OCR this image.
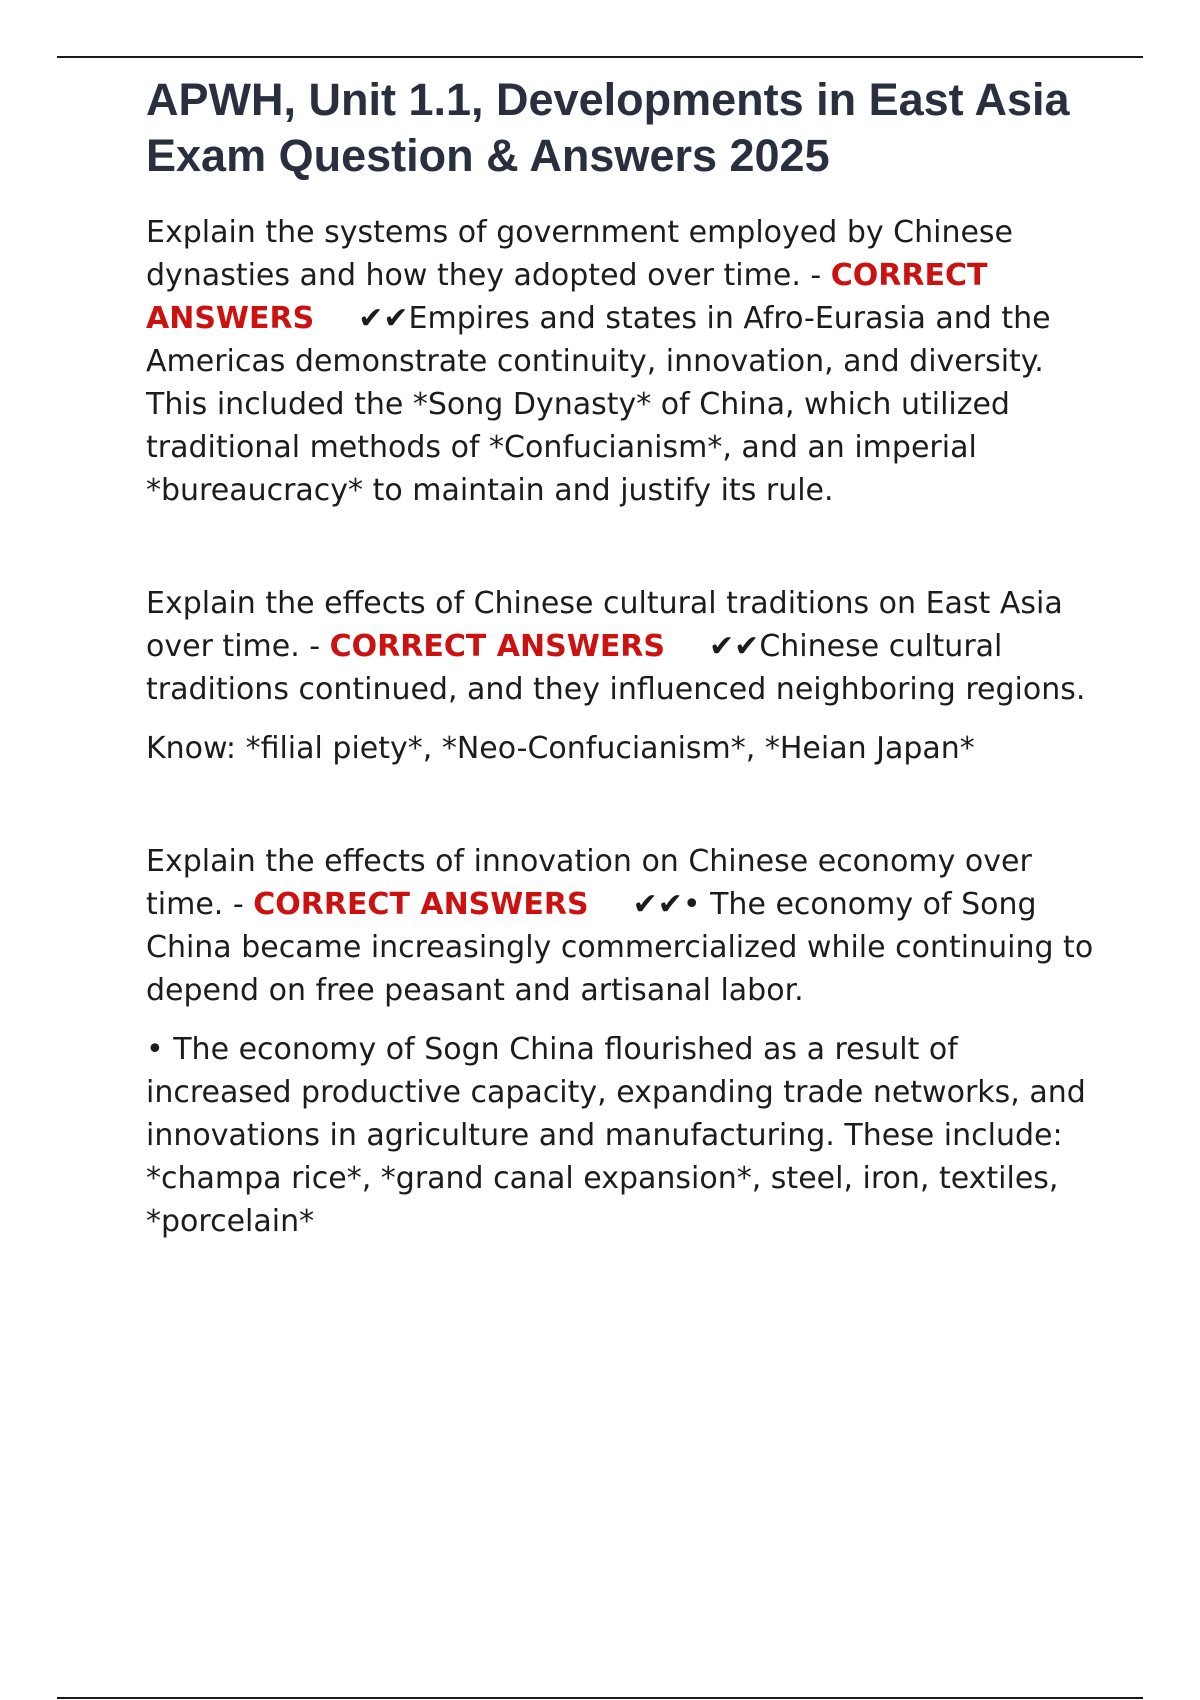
APWH, Unit 1.1, Developments in East Asia Exam Question & Answers 2025

Explain the systems of government employed by Chinese dynasties and how they adopted over time. - CORRECT ANSWERS ✔✔Empires and states in Afro-Eurasia and the Americas demonstrate continuity, innovation, and diversity. This included the *Song Dynasty* of China, which utilized traditional methods of *Confucianism*, and an imperial *bureaucracy* to maintain and justify its rule.

Explain the effects of Chinese cultural traditions on East Asia over time. - CORRECT ANSWERS ✔✔Chinese cultural traditions continued, and they influenced neighboring regions.

Know: *filial piety*, *Neo-Confucianism*, *Heian Japan*

Explain the effects of innovation on Chinese economy over time. - CORRECT ANSWERS ✔✔• The economy of Song China became increasingly commercialized while continuing to depend on free peasant and artisanal labor.

• The economy of Sogn China flourished as a result of increased productive capacity, expanding trade networks, and innovations in agriculture and manufacturing. These include: *champa rice*, *grand canal expansion*, steel, iron, textiles, *porcelain*
